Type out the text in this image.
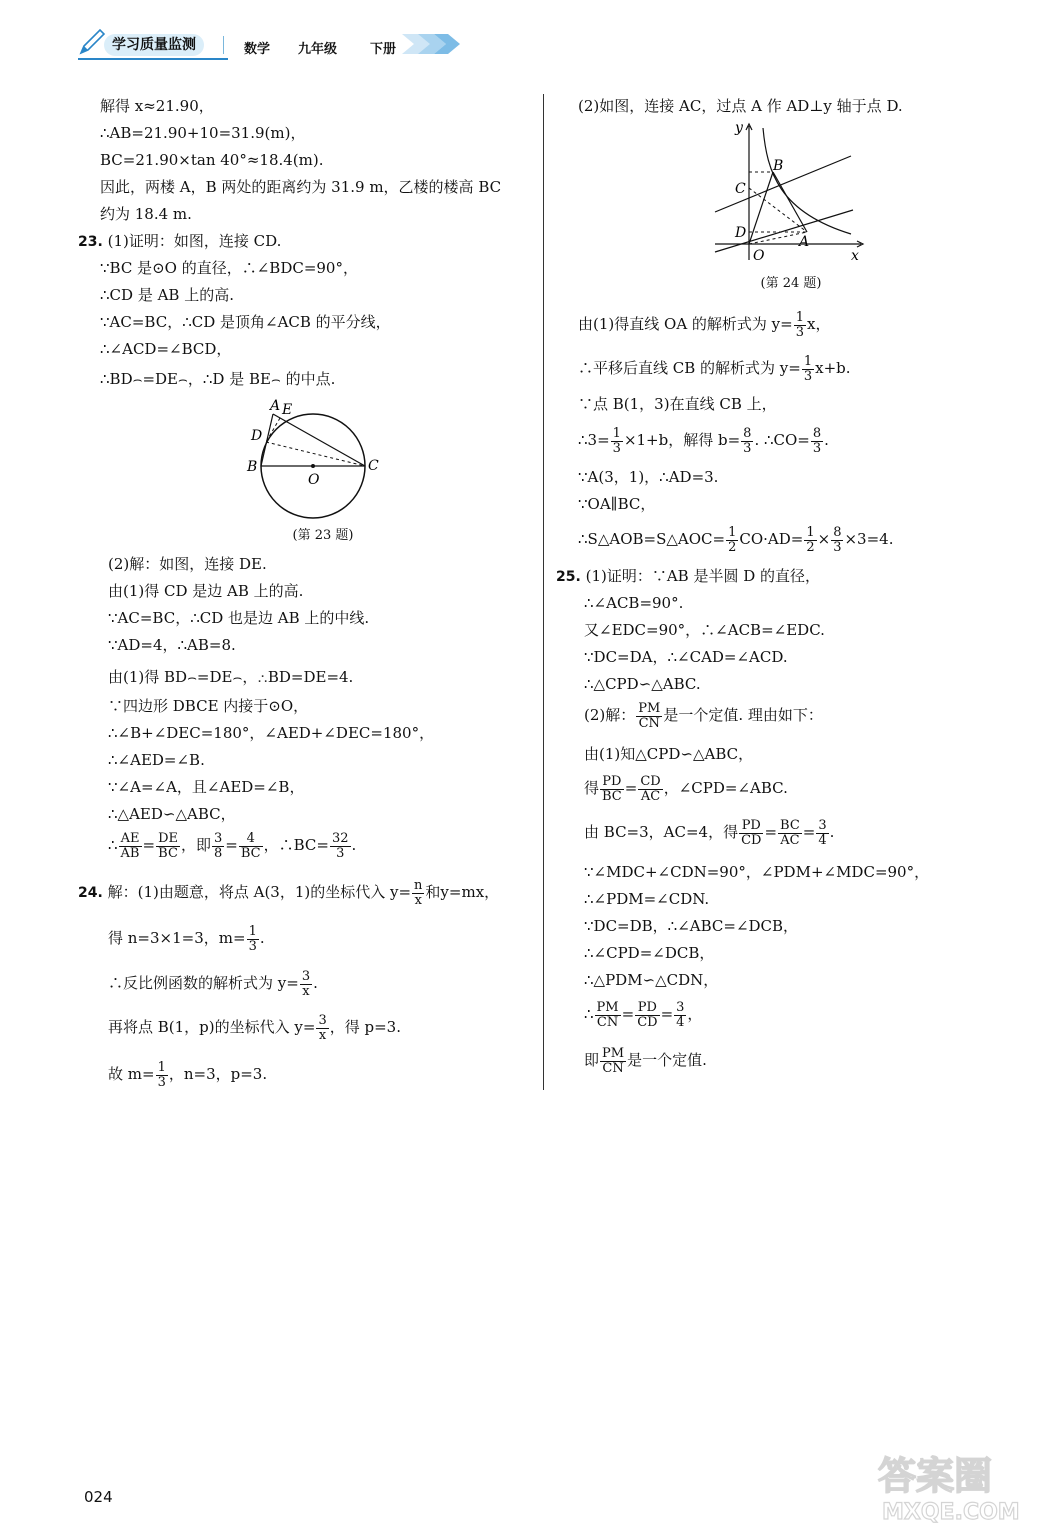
学习质量监测	数学 九年级	下册
解得 x≈21.90，
∴AB=21.90+10=31.9(m)，
BC=21.90×tan 40°≈18.4(m).
因此，两楼 A，B 两处的距离约为 31.9 m，乙楼的楼高 BC
约为 18.4 m.
23. (1)证明：如图，连接 CD.
∵BC 是⊙O 的直径，∴∠BDC=90°，
∴CD 是 AB 上的高.
∵AC=BC，∴CD 是顶角∠ACB 的平分线，
∴∠ACD=∠BCD，
∴BD⌢=DE⌢，∴D 是 BE⌢ 的中点.
A E
D
B
O
C
(第 23 题)
(2)解：如图，连接 DE.
由(1)得 CD 是边 AB 上的高.
∵AC=BC，∴CD 也是边 AB 上的中线.
∵AD=4，∴AB=8.
由(1)得 BD⌢=DE⌢，∴BD=DE=4.
∵四边形 DBCE 内接于⊙O，
∴∠B+∠DEC=180°，∠AED+∠DEC=180°，
∴∠AED=∠B.
∵∠A=∠A，且∠AED=∠B，
∴△AED∽△ABC，
∴ $\frac{AE}{AB} = \frac{DE}{BC}$ ，即 $\frac{3}{8} = \frac{4}{BC}$ ，∴BC= $\frac{32}{3}$ .
24. 解：(1)由题意，将点 A(3，1)的坐标代入 $y= \frac{n}{x}$ 和y=mx，
得 n=3×1=3，$m= \frac{1}{3}$ .
∴反比例函数的解析式为 $y= \frac{3}{x}$ .
再将点 B(1，p)的坐标代入 $y= \frac{3}{x}$ ，得 p=3.
故 $m= \frac{1}{3}$ ，n=3，p=3.
(2)如图，连接 AC，过点 A 作 AD⊥y 轴于点 D.
y
x
O
C
B
D
A
(第 24 题)
由(1)得直线 OA 的解析式为 $y= \frac{1}{3}$ x，
∴平移后直线 CB 的解析式为 $y= \frac{1}{3} x+b$.
∵点 B(1，3)在直线 CB 上，
∴3= $\frac{1}{3} \times 1+b$，解得 $b= \frac{8}{3}$ . ∴CO= $\frac{8}{3}$ .
∵A(3，1)，∴AD=3.
∵OA∥BC，
∴S△AOB=S△AOC= $\frac{1}{2} CO\cdot AD= \frac{1}{2} \times \frac{8}{3} \times 3=4$.
25. (1)证明：∵AB 是半圆 D 的直径，
∴∠ACB=90°.
又∠EDC=90°，∴∠ACB=∠EDC.
∵DC=DA，∴∠CAD=∠ACD.
∴△CPD∽△ABC.
(2)解： $\frac{PM}{CN}$ 是一个定值. 理由如下：
由(1)知△CPD∽△ABC，
得 $\frac{PD}{BC} = \frac{CD}{AC}$ ，∠CPD=∠ABC.
由 BC=3，AC=4，得 $\frac{PD}{CD} = \frac{BC}{AC} = \frac{3}{4}$ .
∵∠MDC+∠CDN=90°，∠PDM+∠MDC=90°，
∴∠PDM=∠CDN.
∵DC=DB，∴∠ABC=∠DCB，
∴∠CPD=∠DCB，
∴△PDM∽△CDN，
∴ $\frac{PM}{CN} = \frac{PD}{CD} = \frac{3}{4}$ ，
即 $\frac{PM}{CN}$ 是一个定值.
024	答案圈
MXQE.COM
